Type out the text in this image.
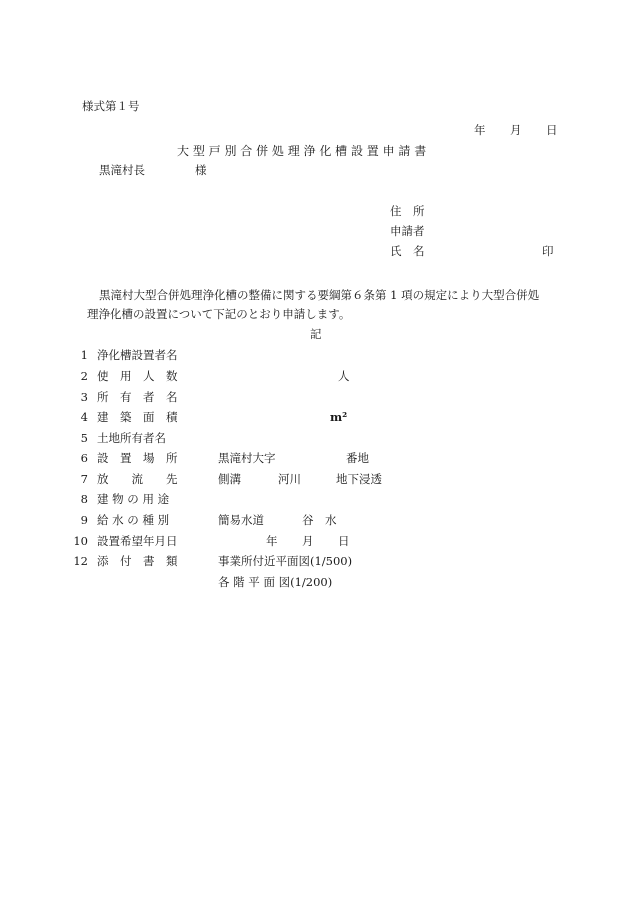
様式第１号
年 月 日
大 型 戸 別 合 併 処 理 浄 化 槽 設 置 申 請 書
黒滝村長	様
住　所
申請者
氏　名	印
黒滝村大型合併処理浄化槽の整備に関する要綱第６条第 1 項の規定により大型合併処
理浄化槽の設置について下記のとおり申請します。
記
1 浄化槽設置者名
2 使　用　人　数	人
3 所　有　者　名
4 建　築　面　積	m²
5 土地所有者名
6 設　置　場　所	黒滝村大字	番地
7 放　　流　　先	側溝	河川	地下浸透
8 建 物 の 用 途
9 給 水 の 種 別	簡易水道	谷　水
10 設置希望年月日	年 月 日
12 添　付　書　類	事業所付近平面図(1/500)
各 階 平 面 図(1/200)
